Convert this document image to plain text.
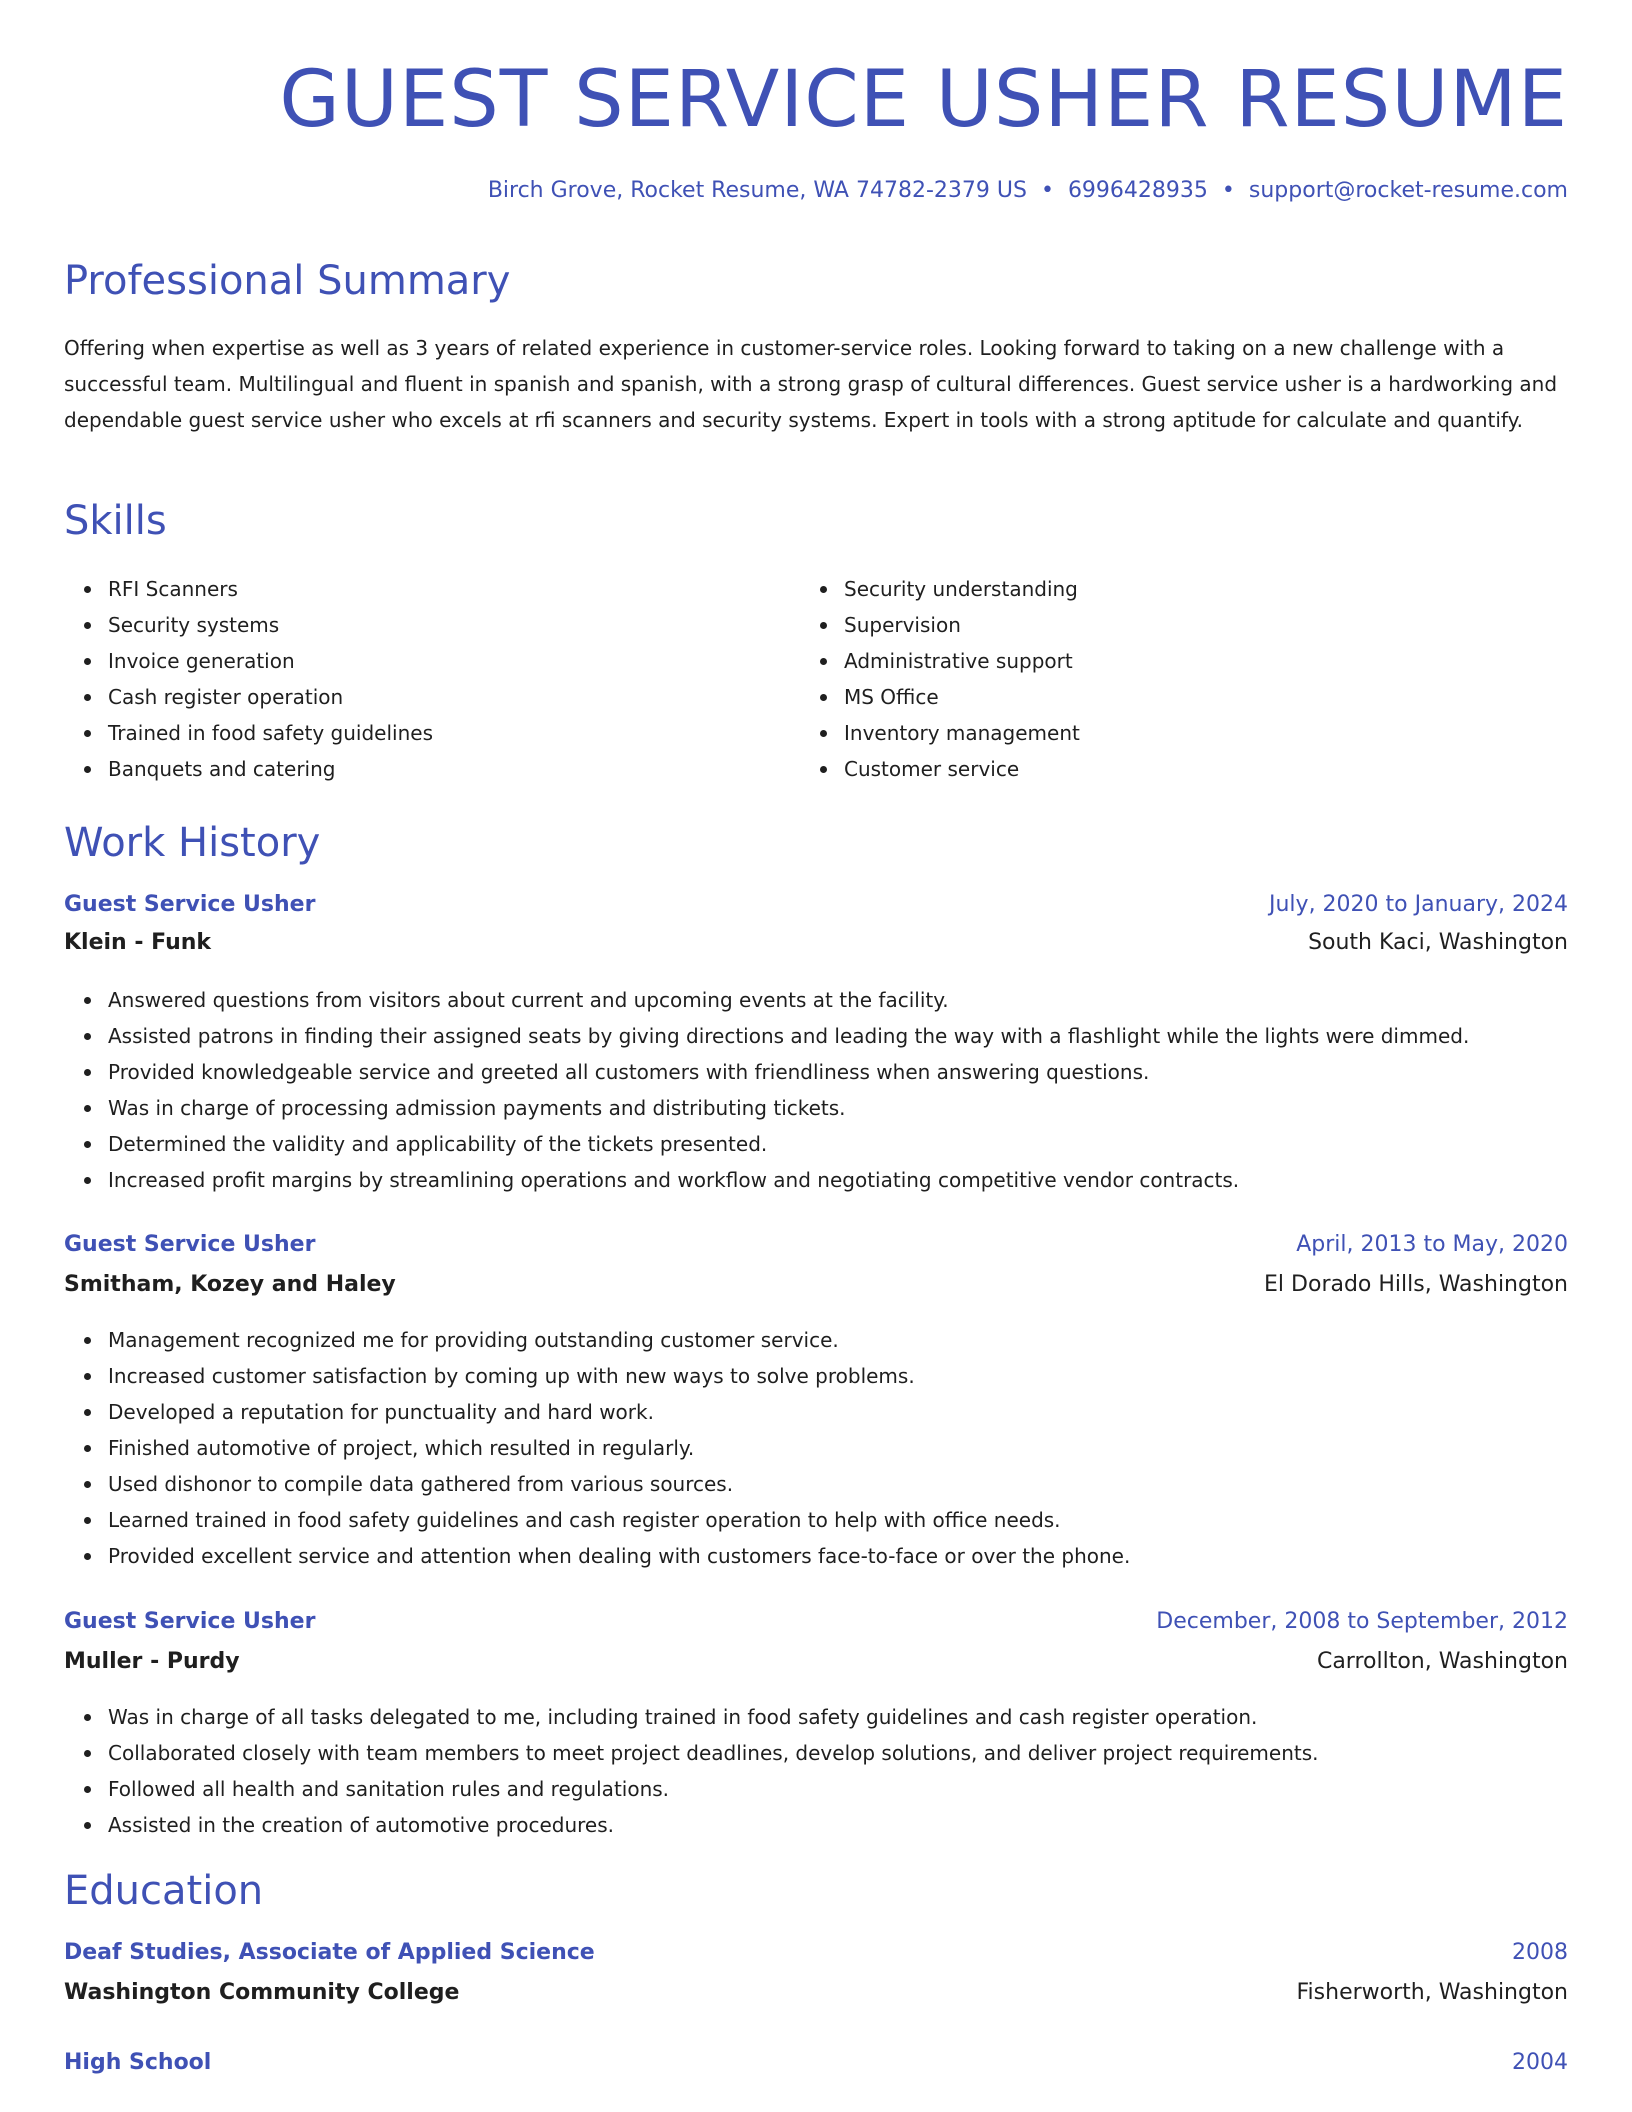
GUEST SERVICE USHER RESUME
Birch Grove, Rocket Resume, WA 74782-2379 US • 6996428935 • support@rocket-resume.com
Professional Summary

Offering when expertise as well as 3 years of related experience in customer-service roles. Looking forward to taking on a new challenge with a successful team. Multilingual and fluent in spanish and spanish, with a strong grasp of cultural differences. Guest service usher is a hardworking and dependable guest service usher who excels at rfi scanners and security systems. Expert in tools with a strong aptitude for calculate and quantify.

Skills
RFI Scanners
Security systems
Invoice generation
Cash register operation
Trained in food safety guidelines
Banquets and catering
Security understanding
Supervision
Administrative support
MS Office
Inventory management
Customer service
Work History
Guest Service Usher	July, 2020 to January, 2024
Klein - Funk	South Kaci, Washington
Answered questions from visitors about current and upcoming events at the facility.
Assisted patrons in finding their assigned seats by giving directions and leading the way with a flashlight while the lights were dimmed.
Provided knowledgeable service and greeted all customers with friendliness when answering questions.
Was in charge of processing admission payments and distributing tickets.
Determined the validity and applicability of the tickets presented.
Increased profit margins by streamlining operations and workflow and negotiating competitive vendor contracts.
Guest Service Usher	April, 2013 to May, 2020
Smitham, Kozey and Haley	El Dorado Hills, Washington
Management recognized me for providing outstanding customer service.
Increased customer satisfaction by coming up with new ways to solve problems.
Developed a reputation for punctuality and hard work.
Finished automotive of project, which resulted in regularly.
Used dishonor to compile data gathered from various sources.
Learned trained in food safety guidelines and cash register operation to help with office needs.
Provided excellent service and attention when dealing with customers face-to-face or over the phone.
Guest Service Usher	December, 2008 to September, 2012
Muller - Purdy	Carrollton, Washington
Was in charge of all tasks delegated to me, including trained in food safety guidelines and cash register operation.
Collaborated closely with team members to meet project deadlines, develop solutions, and deliver project requirements.
Followed all health and sanitation rules and regulations.
Assisted in the creation of automotive procedures.
Education
Deaf Studies, Associate of Applied Science	2008
Washington Community College	Fisherworth, Washington
High School	2004
